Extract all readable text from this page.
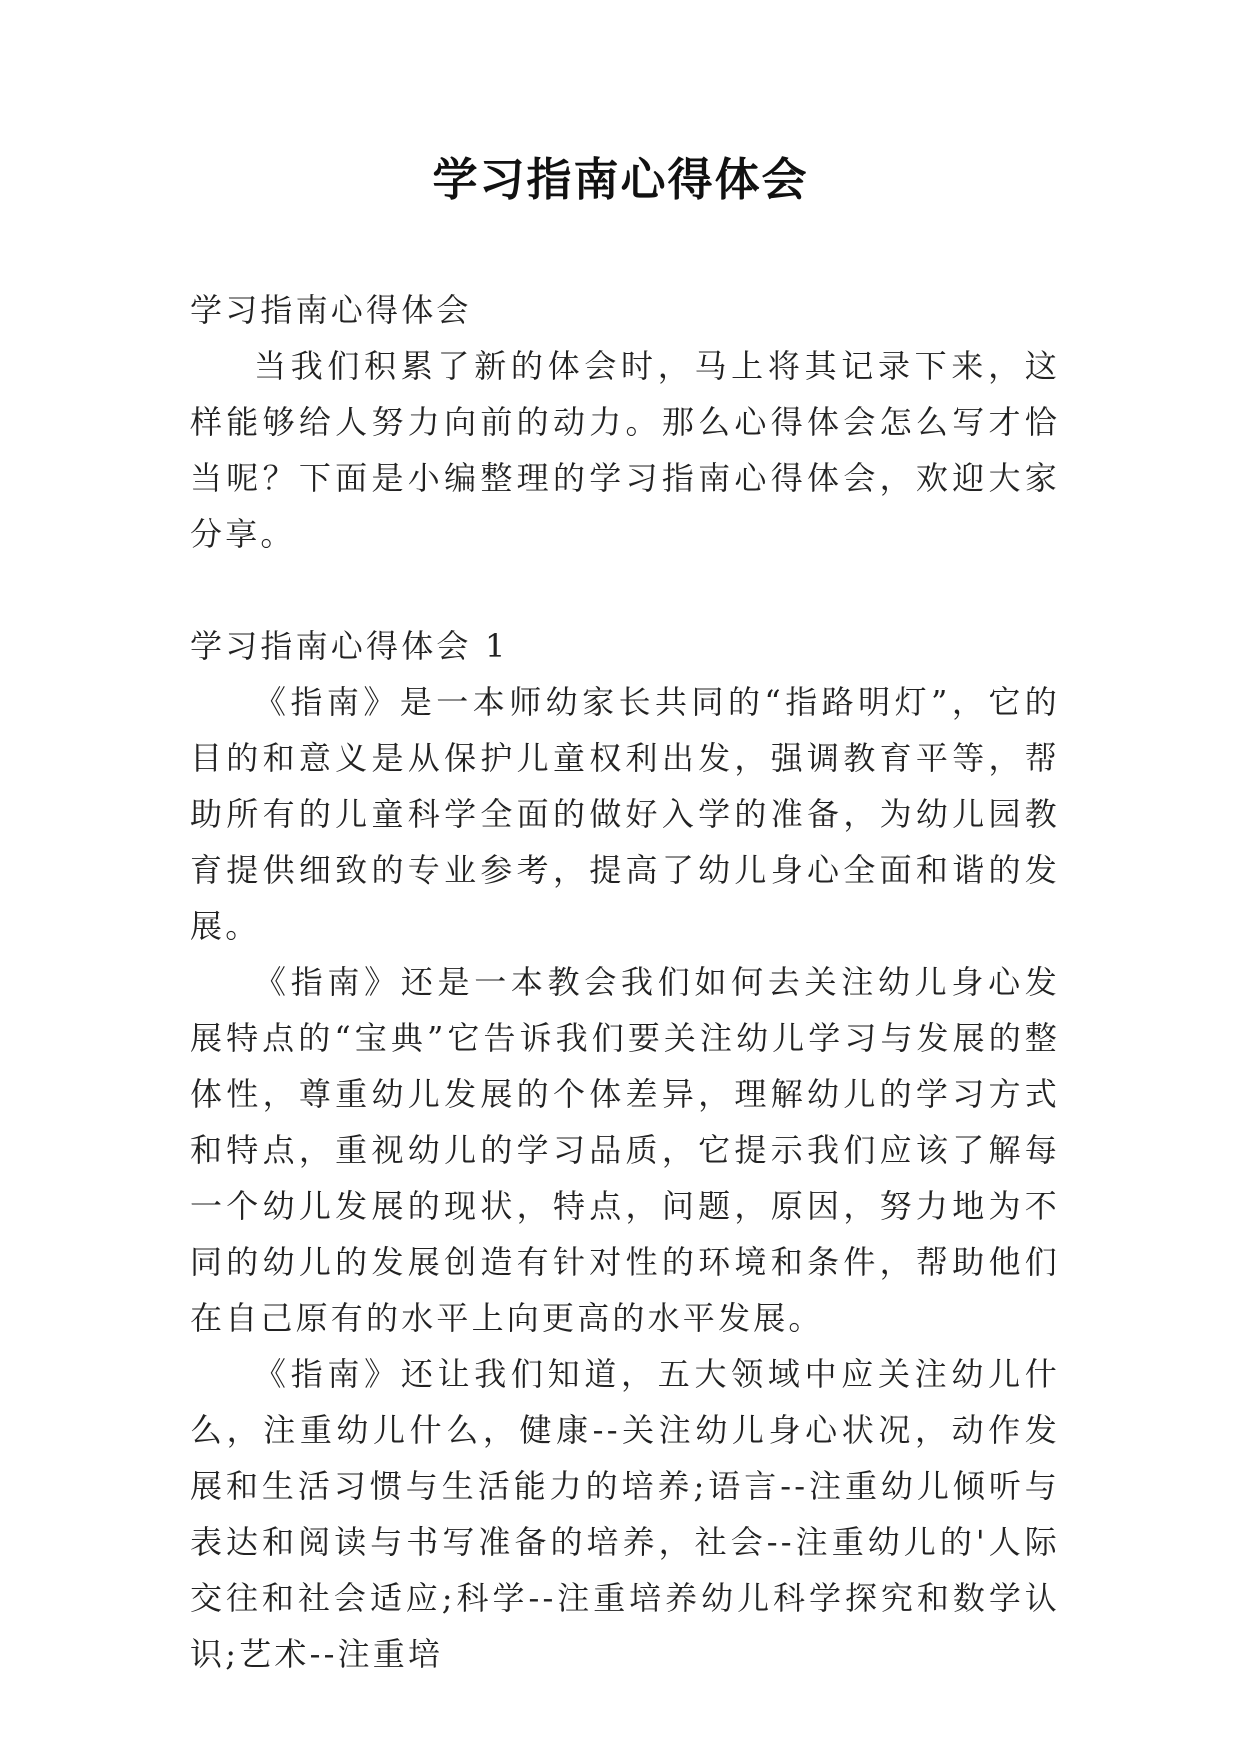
学习指南心得体会

学习指南心得体会

当我们积累了新的体会时，马上将其记录下来，这样能够给人努力向前的动力。那么心得体会怎么写才恰当呢？下面是小编整理的学习指南心得体会，欢迎大家分享。

学习指南心得体会 1

《指南》是一本师幼家长共同的“指路明灯”，它的目的和意义是从保护儿童权利出发，强调教育平等，帮助所有的儿童科学全面的做好入学的准备，为幼儿园教育提供细致的专业参考，提高了幼儿身心全面和谐的发展。

《指南》还是一本教会我们如何去关注幼儿身心发展特点的“宝典”它告诉我们要关注幼儿学习与发展的整体性，尊重幼儿发展的个体差异，理解幼儿的学习方式和特点，重视幼儿的学习品质，它提示我们应该了解每一个幼儿发展的现状，特点，问题，原因，努力地为不同的幼儿的发展创造有针对性的环境和条件，帮助他们在自己原有的水平上向更高的水平发展。

《指南》还让我们知道，五大领域中应关注幼儿什么，注重幼儿什么，健康--关注幼儿身心状况，动作发展和生活习惯与生活能力的培养;语言--注重幼儿倾听与表达和阅读与书写准备的培养，社会--注重幼儿的'人际交往和社会适应;科学--注重培养幼儿科学探究和数学认识;艺术--注重培
